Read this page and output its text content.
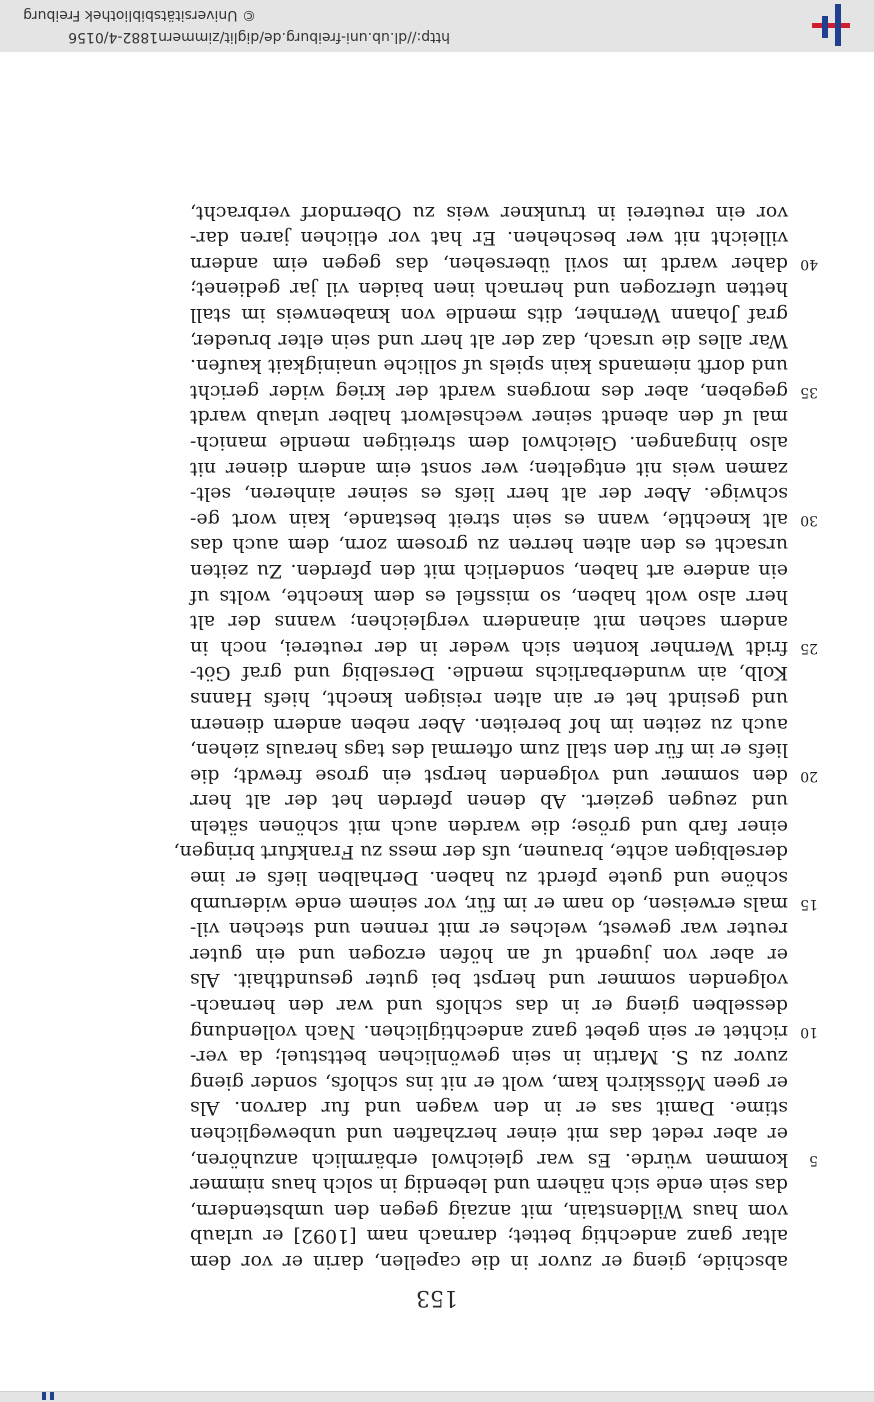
153
abschide, gieng er zuvor in die capellen, darin er vor dem
altar ganz andechtig bettet; darnach nam [1092] er urlaub
vom haus Wildenstain, mit anzaig gegen den umbstendern,
das sein ende sich nähern und lebendig in solch haus nimmer
kommen würde. Es war gleichwol erbärmlich anzuhören,	5
er aber redet das mit einer herzhaften und unbeweglichen
stime. Damit sas er in den wagen und fur darvon. Als
er geen Mösskirch kam, wolt er nit ins schlofs, sonder gieng
zuvor zu S. Martin in sein gewönlichen bettstuel; da ver-
richtet er sein gebet ganz andechtiglichen. Nach vollendung 10
desselben gieng er in das schlofs und war den hernach-
volgenden sommer und herpst bei guter gesundthait. Als
er aber von jugendt uf an höfen erzogen und ein guter
reuter war gewest, welches er mit rennen und stechen vil-
mals erweisen, do nam er im für, vor seinem ende widerumb 15
schöne und guete pferdt zu haben. Derhalben liefs er ime
derselbigen achte, braunen, ufs der mess zu Frankfurt bringen,
einer farb und gröse; die warden auch mit schönen säteln
und zeugen geziert. Ab denen pferden het der alt herr
den sommer und volgenden herpst ein grose frewdt; die 20
liefs er im für den stall zum oftermal des tags herauls ziehen,
auch zu zeiten im hof bereiten. Aber neben andern dienern
und gesindt het er ain alten reisigen knecht, hiefs Hanns
Kolb, ain wunderbarlichs mendle. Derselbig und graf Göt-
fridt Wernher konten sich weder in der reuterei, noch in 25
andern sachen mit ainandern vergleichen; wanns der alt
herr also wolt haben, so missfiel es dem knechte, wolts uf
ein andere art haben, sonderlich mit den pferden. Zu zeiten
ursacht es den alten herren zu grosem zorn, dem auch das
alt knechtle, wann es sein streit bestande, kain wort ge- 30
schwige. Aber der alt herr liefs es seiner ainheren, selt-
zamen weis nit entgelten; wer sonst eim andern diener nit
also hingangen. Gleichwol dem streitigen mendle manich-
mal uf den abendt seiner wechselwort halber urlaub wardt
gegeben, aber des morgens wardt der krieg wider gericht 35
und dorft niemands kain spiels uf solliche unainigkait kaufen.
War alles die ursach, daz der alt herr und sein elter brueder,
graf Johann Wernher, dits mendle von knabenweis im stall
hetten uferzogen und hernach inen baiden vil jar gedienet;
daher wardt im sovil übersehen, das gegen eim andern 40
villeicht nit wer beschehen. Er hat vor etlichen jaren dar-
vor ein reuterei in trunkner weis zu Oberndorf verbracht,
http://dl.ub.uni-freiburg.de/diglit/zimmern1882-4/0156
© Universitätsbibliothek Freiburg
